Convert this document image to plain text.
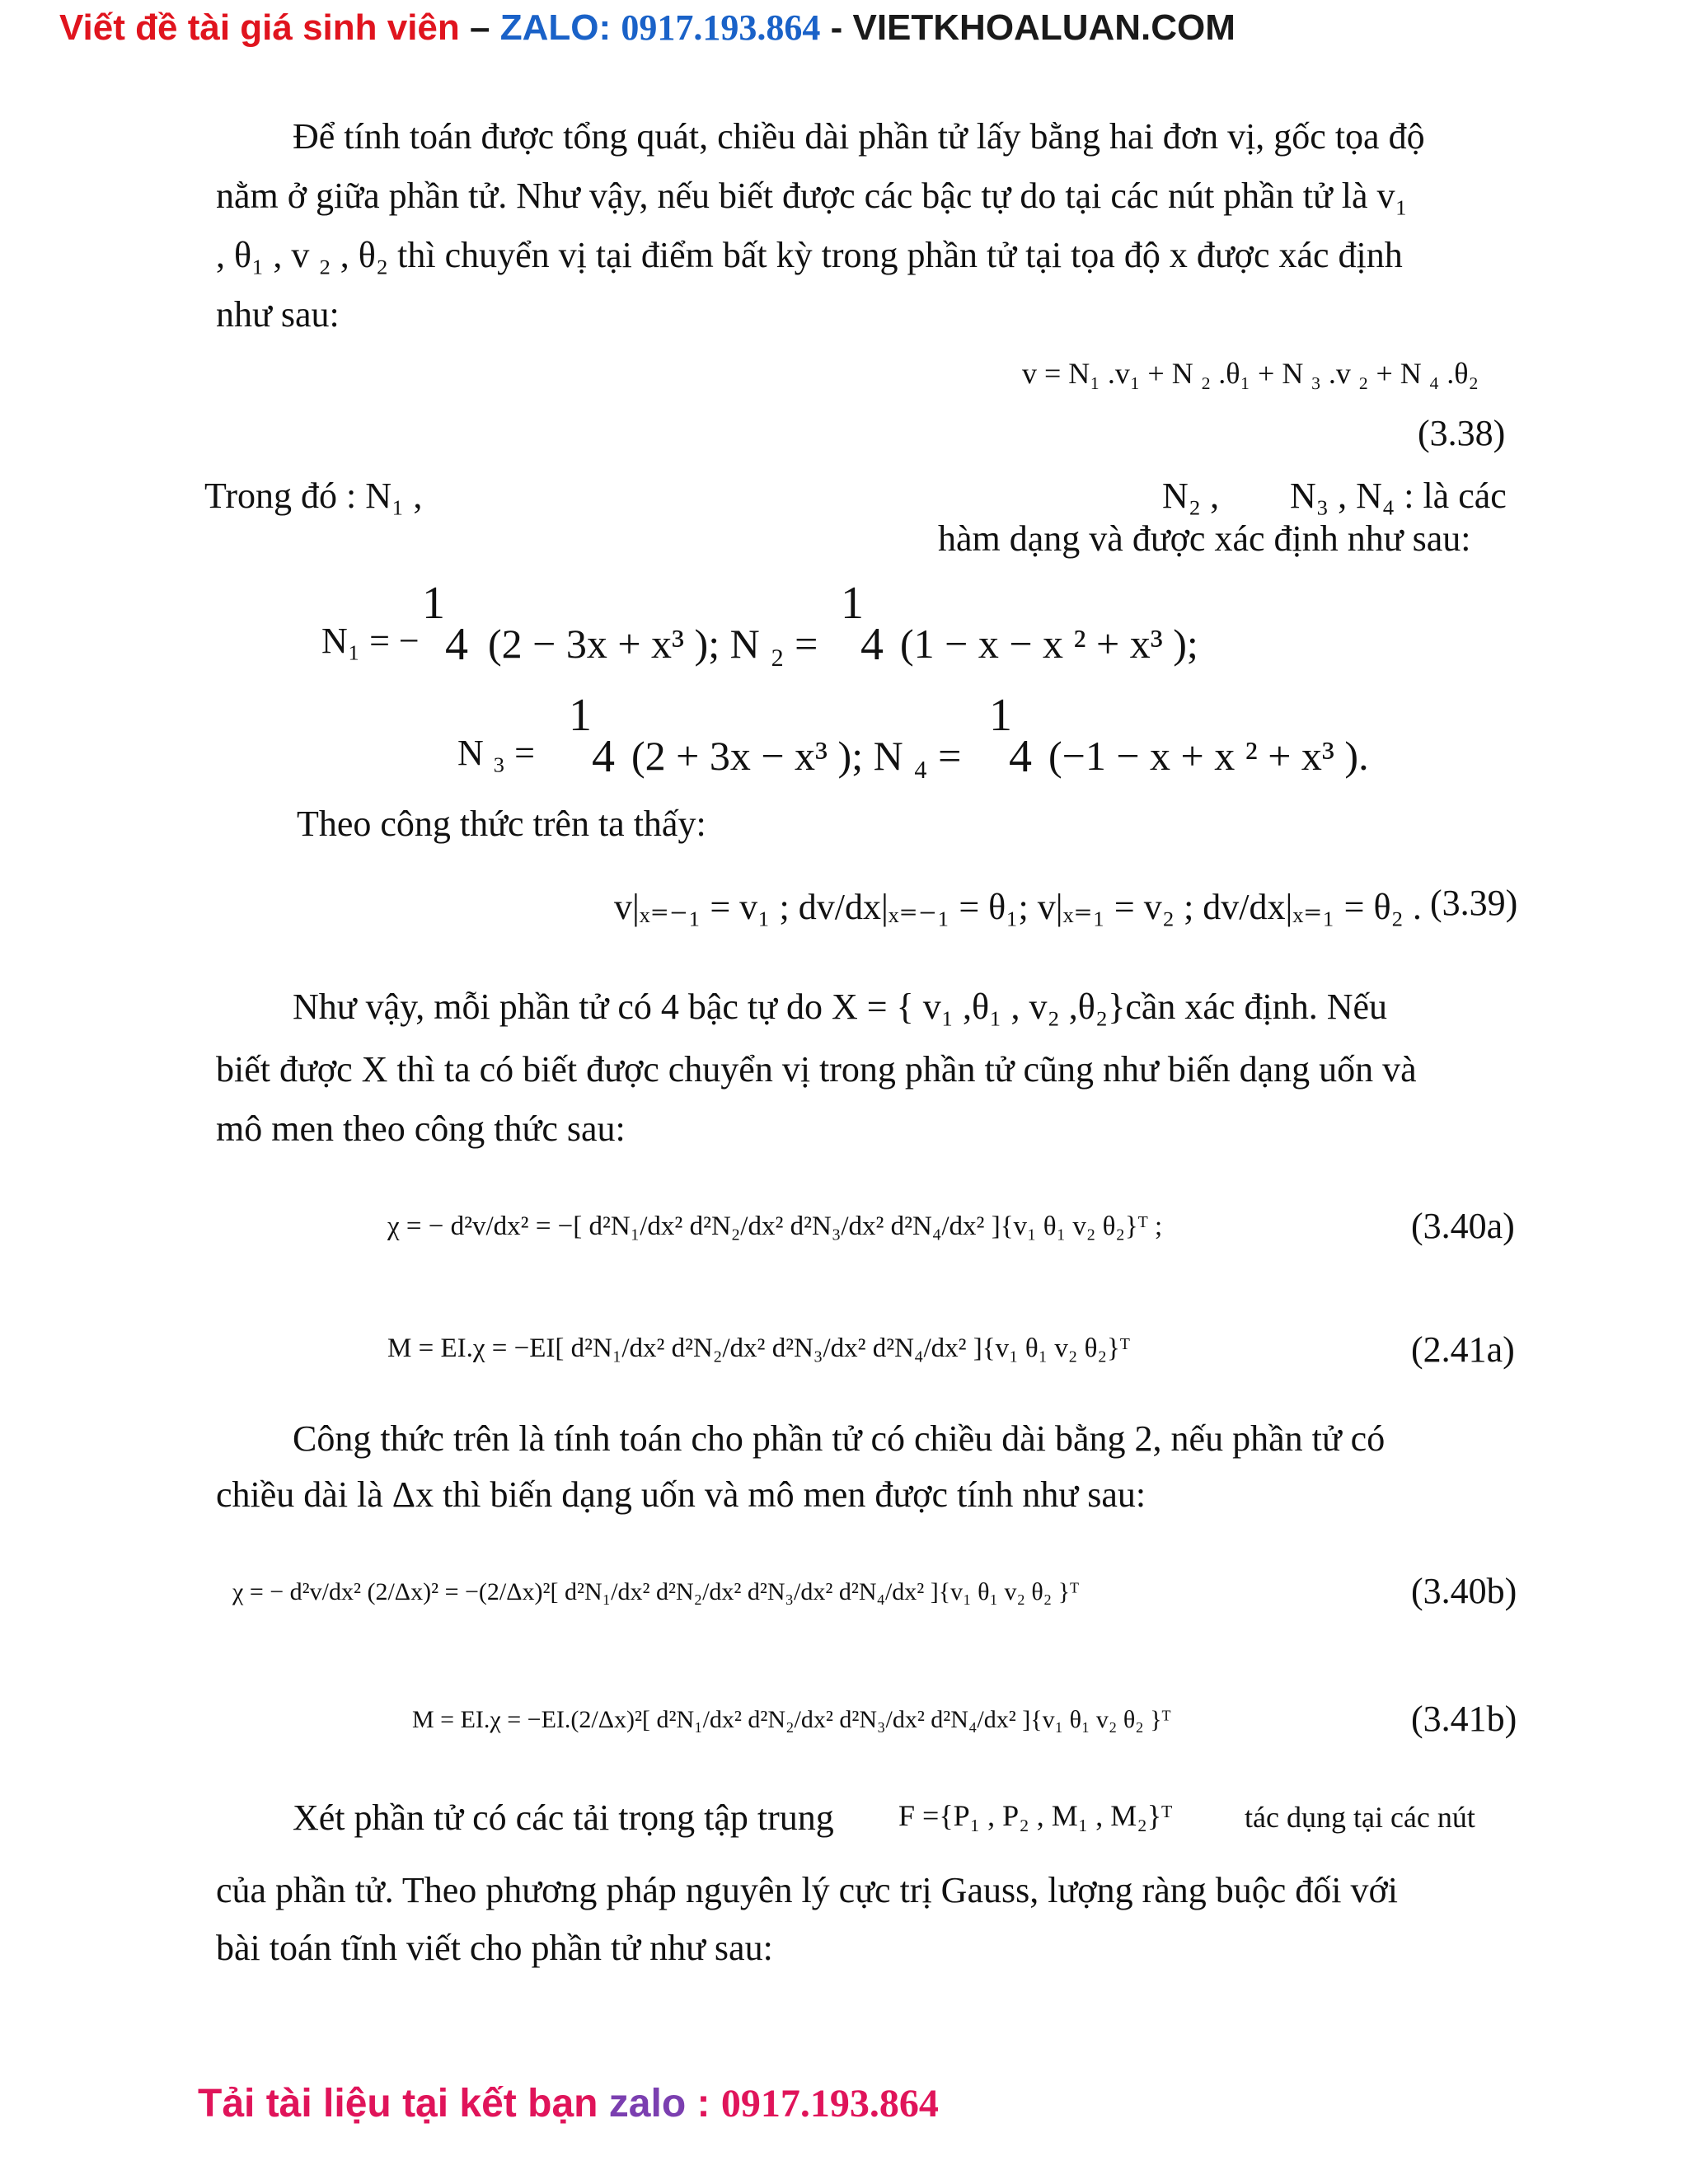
Viết đề tài giá sinh viên – ZALO: 0917.193.864 - VIETKHOALUAN.COM
Để tính toán được tổng quát, chiều dài phần tử lấy bằng hai đơn vị, gốc tọa độ
nằm ở giữa phần tử. Như vậy, nếu biết được các bậc tự do tại các nút phần tử là v₁
, θ₁ , v ₂ , θ₂ thì chuyển vị tại điểm bất kỳ trong phần tử tại tọa độ x được xác định
như sau:
v = N₁ .v₁ + N ₂ .θ₁ + N ₃ .v ₂ + N ₄ .θ₂
(3.38)
Trong đó : N₁ ,	N₂ , N₃ , N₄ : là các
hàm dạng và được xác định như sau:
N₁ = −
1
4 (2 − 3x + x³ ); N ₂ =
1
4 (1 − x − x ² + x³ );
N ₃ =
1
4 (2 + 3x − x³ ); N ₄ =
1
4 (−1 − x + x ² + x³ ).
Theo công thức trên ta thấy:
v|ₓ₌₋₁ = v₁ ; dv/dx|ₓ₌₋₁ = θ₁; v|ₓ₌₁ = v₂ ; dv/dx|ₓ₌₁ = θ₂ . (3.39)
Như vậy, mỗi phần tử có 4 bậc tự do X = { v₁ ,θ₁ , v₂ ,θ₂}cần xác định. Nếu
biết được X thì ta có biết được chuyển vị trong phần tử cũng như biến dạng uốn và
mô men theo công thức sau:
χ = − d²v/dx² = −[ d²N₁/dx² d²N₂/dx² d²N₃/dx² d²N₄/dx² ]{v₁ θ₁ v₂ θ₂}ᵀ ;	(3.40a)
M = EI.χ = −EI[ d²N₁/dx² d²N₂/dx² d²N₃/dx² d²N₄/dx² ]{v₁ θ₁ v₂ θ₂}ᵀ	(2.41a)
Công thức trên là tính toán cho phần tử có chiều dài bằng 2, nếu phần tử có
chiều dài là Δx thì biến dạng uốn và mô men được tính như sau:
χ = − d²v/dx² (2/Δx)² = −(2/Δx)²[ d²N₁/dx² d²N₂/dx² d²N₃/dx² d²N₄/dx² ]{v₁ θ₁ v₂ θ₂ }ᵀ	(3.40b)
M = EI.χ = −EI.(2/Δx)²[ d²N₁/dx² d²N₂/dx² d²N₃/dx² d²N₄/dx² ]{v₁ θ₁ v₂ θ₂ }ᵀ	(3.41b)
Xét phần tử có các tải trọng tập trung F ={P₁ , P₂ , M₁ , M₂}ᵀ tác dụng tại các nút
của phần tử. Theo phương pháp nguyên lý cực trị Gauss, lượng ràng buộc đối với
bài toán tĩnh viết cho phần tử như sau:
Tải tài liệu tại kết bạn zalo : 0917.193.864
